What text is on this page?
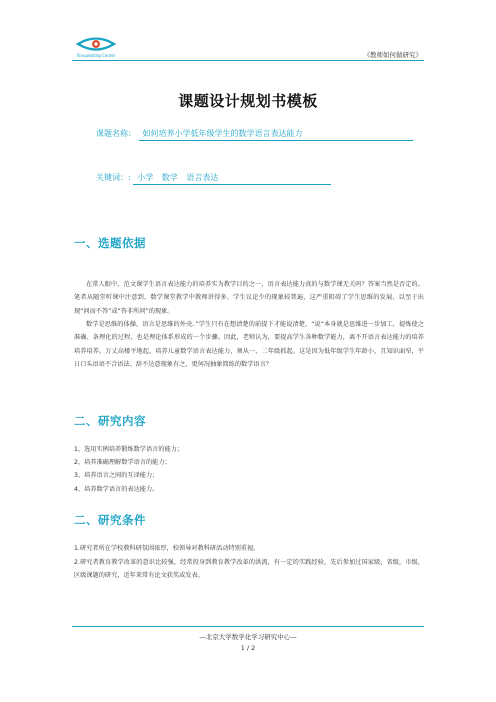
Xinupdating Center	《教师如何做研究》
课题设计规划书模板
课题名称： 如何培养小学低年级学生的数学语言表达能力
关键词：: 小学 数学 语言表达
一、选题依据
在常人眼中，范文课学生语言表达能力的培养实为教学目的之一，语言表达能力真的与数学课无关吗？答案当然是否定的。笔者从随堂听课中注意到，数学课堂教学中教师讲得多、学生议论少的现象较普遍，这严重阻碍了学生思维的发展，以至于出现“问而不答”或“答非所问”的现象。
数学是思维的体操，语言是思维的外壳。”学生只有在想清楚的前提下才能说清楚，“说”本身就是思维进一步加工，提炼使之准确、条理化的过程，也是理论体系形成的一个步骤。因此，老师认为，要提高学生各种数学能力，离不开语言表达能力的培养培养培养。万丈高楼平地起，培养儿童数学语言表达能力，须从一、二年级抓起。这是因为低年级学生年龄小，且知识面窄，平日口头语语不合语法、辞不达意现象有之，更何况抽象简练的数学语言？
二、研究内容
1、选用实例培养锻炼数学语言的能力；
2、培养准确理解数学语言的能力；
3、培养语言之间的互译能力；
4、培养数学语言的表达能力。
二、研究条件
1.研究者所在学校教科研氛围浓厚，校领导对教科研活动特别重视。
2.研究者教育教学改革的意识比较强，经常投身到教育教学改革的洪流，有一定的实践经验，先后参加过国家级，省级，市级，区级课题的研究，近年来常有论文获奖或发表。
—北京大学数学化学习研究中心—
1 / 2
